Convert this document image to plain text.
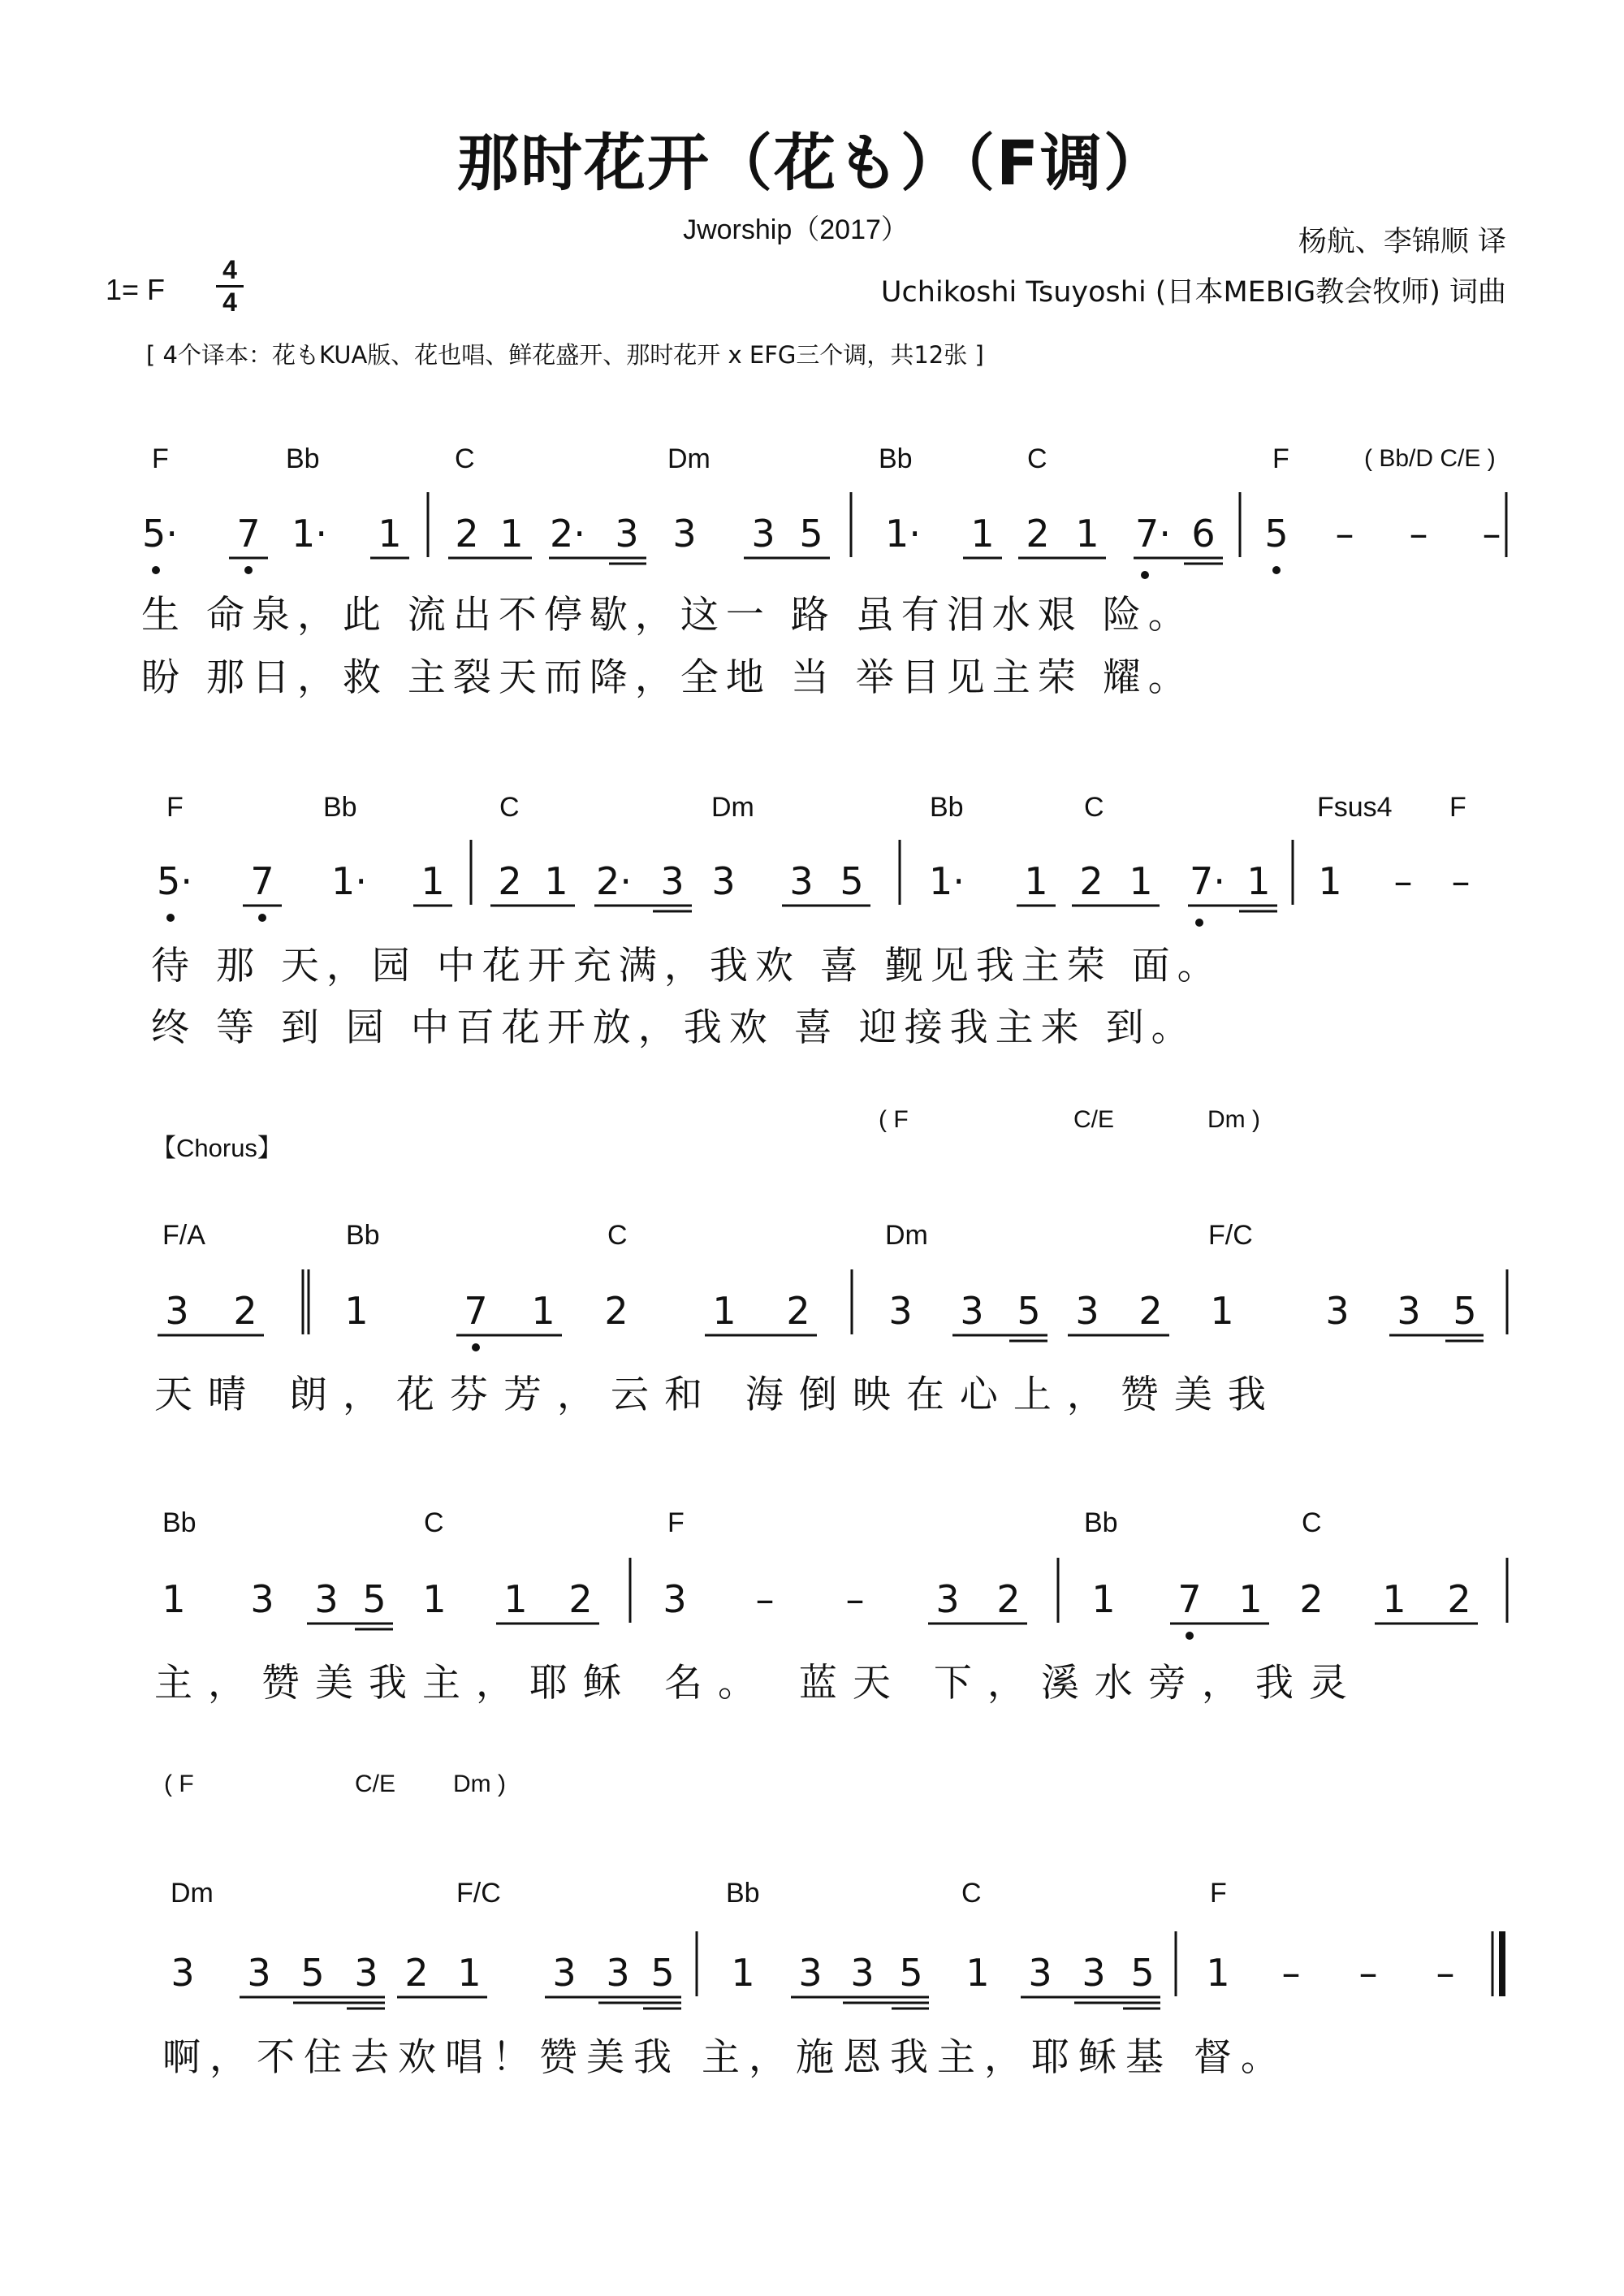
那时花开（花も）（F调）
Jworship（2017）	杨航、李锦顺 译
Uchikoshi Tsuyoshi (日本MEBIG教会牧师) 词曲
1= F
4
4
[ 4个译本：花もKUA版、花也唱、鲜花盛开、那时花开 x EFG三个调，共12张 ]
F	Bb	C	Dm	Bb	C	F	( Bb/D C/E )
5· 7 1· 1 2 1 2· 3 3 3 5 1· 1 2 1 7· 6 5 – – –
生 命泉，此 流出不停歇，这一 路 虽有泪水艰 险。
盼 那日，救 主裂天而降，全地 当 举目见主荣 耀。
F	Bb	C	Dm	Bb	C	Fsus4 F
5· 7 1· 1 2 1 2· 3 3 3 5 1· 1 2 1 7· 1 1 – –
待 那 天，园 中花开充满，我欢 喜 觐见我主荣 面。
终 等 到 园 中百花开放，我欢 喜 迎接我主来 到。
【Chorus】
( F	C/E	Dm )
F/A	Bb	C	Dm	F/C
3 2 1	7 1 2 1 2 3 3 5 3 2 1 3 3 5
天晴 朗，花芬芳，云和 海倒映在心上，赞美我
Bb	C	F	Bb	C
1 3 3 5 1 1 2 3 – – 3 2 1 7 1 2 1 2
主，赞美我主，耶稣 名。 蓝天 下，溪水旁，我灵
( F	C/E Dm )
Dm	F/C	Bb	C	F
3 3 5 3 2 1 3 3 5 1 3 3 5 1 3 3 5 1 – – –
啊，不住去欢唱！赞美我 主，施恩我主，耶稣基 督。
